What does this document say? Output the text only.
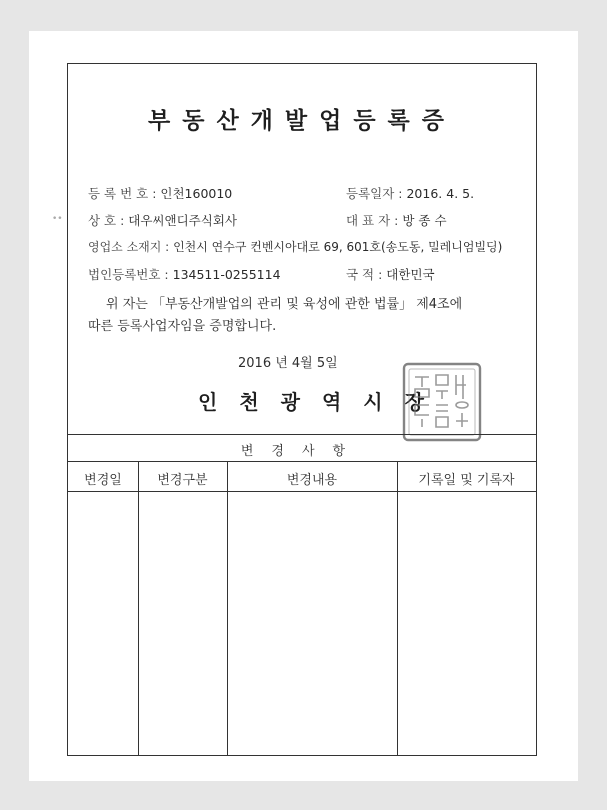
••
부동산개발업등록증
등 록 번 호 : 인천160010	등록일자 : 2016. 4. 5.
상 호 : 대우씨앤디주식회사	대 표 자 : 방 종 수
영업소 소재지 : 인천시 연수구 컨벤시아대로 69, 601호(송도동, 밀레니엄빌딩)
법인등록번호 : 134511-0255114	국 적 : 대한민국
위 자는 「부동산개발업의 관리 및 육성에 관한 법률」 제4조에
따른 등록사업자임을 증명합니다.
2016 년 4월 5일
인천광역시장
변경사항
변경일	변경구분	변경내용	기록일 및 기록자
